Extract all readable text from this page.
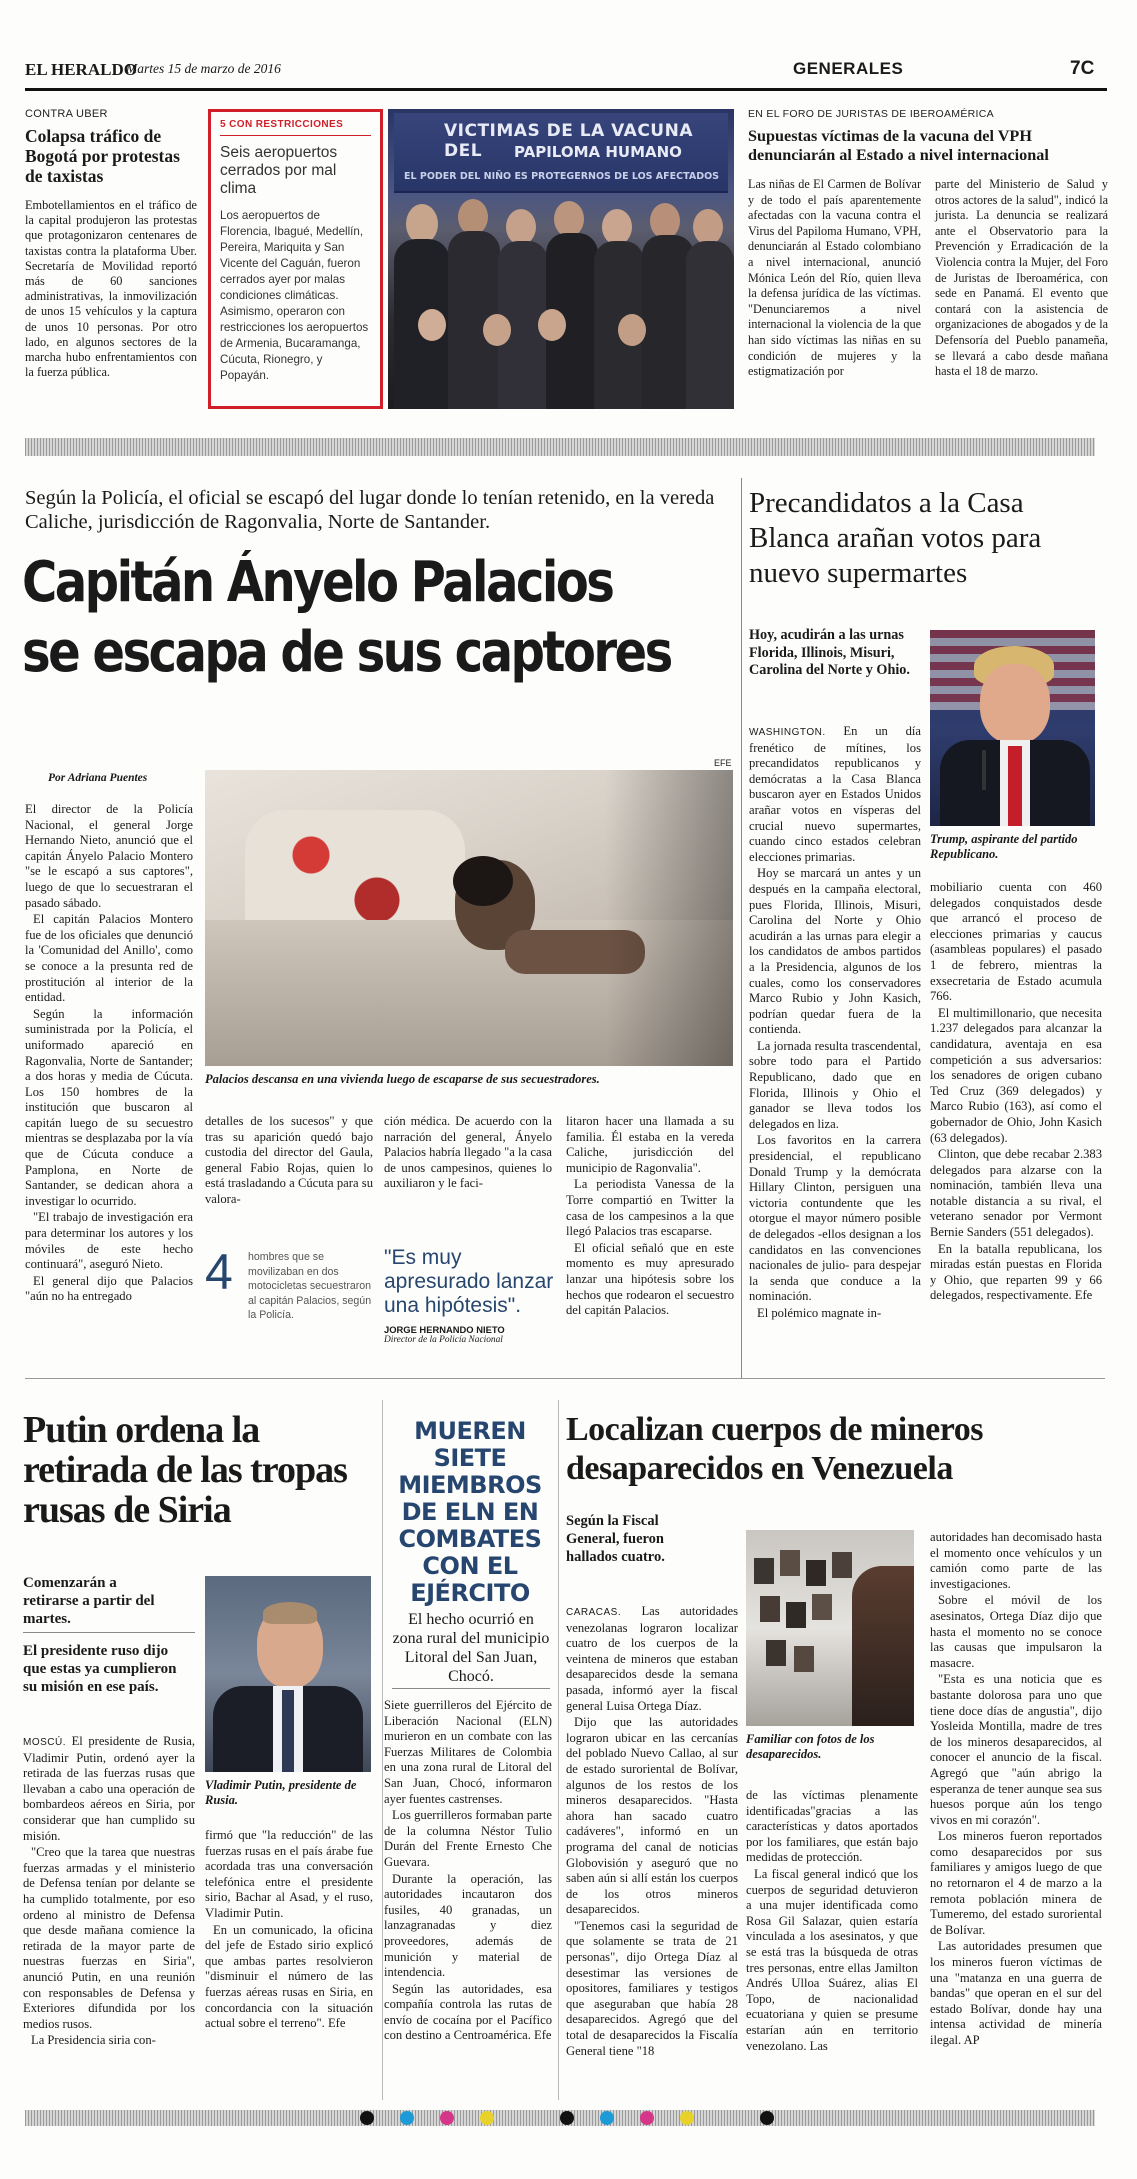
EL HERALDO
Martes 15 de marzo de 2016	GENERALES	7C
CONTRA UBER
Colapsa tráfico de Bogotá por protestas de taxistas

Embotellamientos en el tráfico de la capital produjeron las protestas que protagonizaron centenares de taxistas contra la plataforma Uber. Secretaría de Movilidad reportó más de 60 sanciones administrativas, la inmovilización de unos 15 vehículos y la captura de unos 10 personas. Por otro lado, en algunos sectores de la marcha hubo enfrentamientos con la fuerza pública.

5 CON RESTRICCIONES
Seis aeropuertos cerrados por mal clima
Los aeropuertos de Florencia, Ibagué, Medellín, Pereira, Mariquita y San Vicente del Caguán, fueron cerrados ayer por malas condiciones climáticas. Asimismo, operaron con restricciones los aeropuertos de Armenia, Bucaramanga, Cúcuta, Rionegro, y Popayán.
VICTIMAS DE LA VACUNA DEL	PAPILOMA HUMANO
EL PODER DEL NIÑO ES PROTEGERNOS DE LOS AFECTADOS
EN EL FORO DE JURISTAS DE IBEROAMÉRICA
Supuestas víctimas de la vacuna del VPH denunciarán al Estado a nivel internacional

Las niñas de El Carmen de Bolívar y de todo el país aparentemente afectadas con la vacuna contra el Virus del Papiloma Humano, VPH, denunciarán al Estado colombiano a nivel internacional, anunció Mónica León del Río, quien lleva la defensa jurídica de las víctimas. "Denunciaremos a nivel internacional la violencia de la que han sido víctimas las niñas en su condición de mujeres y la estigmatización por

parte del Ministerio de Salud y otros actores de la salud", indicó la jurista. La denuncia se realizará ante el Observatorio para la Prevención y Erradicación de la Violencia contra la Mujer, del Foro de Juristas de Iberoamérica, con sede en Panamá. El evento que contará con la asistencia de organizaciones de abogados y de la Defensoría del Pueblo panameña, se llevará a cabo desde mañana hasta el 18 de marzo.

Según la Policía, el oficial se escapó del lugar donde lo tenían retenido, en la vereda Caliche, jurisdicción de Ragonvalia, Norte de Santander.
Capitán Ányelo Palacios
se escapa de sus captores
Por Adriana Puentes
EFE
Palacios descansa en una vivienda luego de escaparse de sus secuestradores.

El director de la Policía Nacional, el general Jorge Hernando Nieto, anunció que el capitán Ányelo Palacio Montero "se le escapó a sus captores", luego de que lo secuestraran el pasado sábado.

El capitán Palacios Montero fue de los oficiales que denunció la 'Comunidad del Anillo', como se conoce a la presunta red de prostitución al interior de la entidad.

Según la información suministrada por la Policía, el uniformado apareció en Ragonvalia, Norte de Santander; a dos horas y media de Cúcuta. Los 150 hombres de la institución que buscaron al capitán luego de su secuestro mientras se desplazaba por la vía que de Cúcuta conduce a Pamplona, en Norte de Santander, se dedican ahora a investigar lo ocurrido.

"El trabajo de investigación era para determinar los autores y los móviles de este hecho continuará", aseguró Nieto.

El general dijo que Palacios "aún no ha entregado

detalles de los sucesos" y que tras su aparición quedó bajo custodia del director del Gaula, general Fabio Rojas, quien lo está trasladando a Cúcuta para su valora-

ción médica. De acuerdo con la narración del general, Ányelo Palacios habría llegado "a la casa de unos campesinos, quienes lo auxiliaron y le faci-

litaron hacer una llamada a su familia. Él estaba en la vereda Caliche, jurisdicción del municipio de Ragonvalia".

La periodista Vanessa de la Torre compartió en Twitter la casa de los campesinos a la que llegó Palacios tras escaparse.

El oficial señaló que en este momento es muy apresurado lanzar una hipótesis sobre los hechos que rodearon el secuestro del capitán Palacios.

4 hombres que se movilizaban en dos motocicletas secuestraron al capitán Palacios, según la Policía.
"Es muy apresurado lanzar una hipótesis".
JORGE HERNANDO NIETO
Director de la Policía Nacional
Precandidatos a la Casa Blanca arañan votos para nuevo supermartes
Hoy, acudirán a las urnas Florida, Illinois, Misuri, Carolina del Norte y Ohio.
Trump, aspirante del partido Republicano.

WASHINGTON. En un día frenético de mítines, los precandidatos republicanos y demócratas a la Casa Blanca buscaron ayer en Estados Unidos arañar votos en vísperas del crucial nuevo supermartes, cuando cinco estados celebran elecciones primarias.

Hoy se marcará un antes y un después en la campaña electoral, pues Florida, Illinois, Misuri, Carolina del Norte y Ohio acudirán a las urnas para elegir a los candidatos de ambos partidos a la Presidencia, algunos de los cuales, como los conservadores Marco Rubio y John Kasich, podrían quedar fuera de la contienda.

La jornada resulta trascendental, sobre todo para el Partido Republicano, dado que en Florida, Illinois y Ohio el ganador se lleva todos los delegados en liza.

Los favoritos en la carrera presidencial, el republicano Donald Trump y la demócrata Hillary Clinton, persiguen una victoria contundente que les otorgue el mayor número posible de delegados -ellos designan a los candidatos en las convenciones nacionales de julio- para despejar la senda que conduce a la nominación.

El polémico magnate in-

mobiliario cuenta con 460 delegados conquistados desde que arrancó el proceso de elecciones primarias y caucus (asambleas populares) el pasado 1 de febrero, mientras la exsecretaria de Estado acumula 766.

El multimillonario, que necesita 1.237 delegados para alcanzar la candidatura, aventaja en esa competición a sus adversarios: los senadores de origen cubano Ted Cruz (369 delegados) y Marco Rubio (163), así como el gobernador de Ohio, John Kasich (63 delegados).

Clinton, que debe recabar 2.383 delegados para alzarse con la nominación, también lleva una notable distancia a su rival, el veterano senador por Vermont Bernie Sanders (551 delegados).

En la batalla republicana, los miradas están puestas en Florida y Ohio, que reparten 99 y 66 delegados, respectivamente. Efe

Putin ordena la retirada de las tropas rusas de Siria
Comenzarán a retirarse a partir del martes.
El presidente ruso dijo que estas ya cumplieron su misión en ese país.
Vladimir Putin, presidente de Rusia.

MOSCÚ. El presidente de Rusia, Vladimir Putin, ordenó ayer la retirada de las fuerzas rusas que llevaban a cabo una operación de bombardeos aéreos en Siria, por considerar que han cumplido su misión.

"Creo que la tarea que nuestras fuerzas armadas y el ministerio de Defensa tenían por delante se ha cumplido totalmente, por eso ordeno al ministro de Defensa que desde mañana comience la retirada de la mayor parte de nuestras fuerzas en Siria", anunció Putin, en una reunión con responsables de Defensa y Exteriores difundida por los medios rusos.

La Presidencia siria con-

firmó que "la reducción" de las fuerzas rusas en el país árabe fue acordada tras una conversación telefónica entre el presidente sirio, Bachar al Asad, y el ruso, Vladimir Putin.

En un comunicado, la oficina del jefe de Estado sirio explicó que ambas partes resolvieron "disminuir el número de las fuerzas aéreas rusas en Siria, en concordancia con la situación actual sobre el terreno". Efe

MUEREN SIETE MIEMBROS DE ELN EN COMBATES CON EL EJÉRCITO
El hecho ocurrió en zona rural del municipio Litoral del San Juan, Chocó.

Siete guerrilleros del Ejército de Liberación Nacional (ELN) murieron en un combate con las Fuerzas Militares de Colombia en una zona rural de Litoral del San Juan, Chocó, informaron ayer fuentes castrenses.

Los guerrilleros formaban parte de la columna Néstor Tulio Durán del Frente Ernesto Che Guevara.

Durante la operación, las autoridades incautaron dos fusiles, 40 granadas, un lanzagranadas y diez proveedores, además de munición y material de intendencia.

Según las autoridades, esa compañía controla las rutas de envío de cocaína por el Pacífico con destino a Centroamérica. Efe

Localizan cuerpos de mineros desaparecidos en Venezuela
Según la Fiscal General, fueron hallados cuatro.
Familiar con fotos de los desaparecidos.

CARACAS. Las autoridades venezolanas lograron localizar cuatro de los cuerpos de la veintena de mineros que estaban desaparecidos desde la semana pasada, informó ayer la fiscal general Luisa Ortega Díaz.

Dijo que las autoridades lograron ubicar en las cercanías del poblado Nuevo Callao, al sur de estado suroriental de Bolívar, algunos de los restos de los mineros desaparecidos. "Hasta ahora han sacado cuatro cadáveres", informó en un programa del canal de noticias Globovisión y aseguró que no saben aún si allí están los cuerpos de los otros mineros desaparecidos.

"Tenemos casi la seguridad de que solamente se trata de 21 personas", dijo Ortega Díaz al desestimar las versiones de opositores, familiares y testigos que aseguraban que había 28 desaparecidos. Agregó que del total de desaparecidos la Fiscalía General tiene "18

de las víctimas plenamente identificadas"gracias a las características y datos aportados por los familiares, que están bajo medidas de protección.

La fiscal general indicó que los cuerpos de seguridad detuvieron a una mujer identificada como Rosa Gil Salazar, quien estaría vinculada a los asesinatos, y que se está tras la búsqueda de otras tres personas, entre ellas Jamilton Andrés Ulloa Suárez, alias El Topo, de nacionalidad ecuatoriana y quien se presume estarían aún en territorio venezolano. Las

autoridades han decomisado hasta el momento once vehículos y un camión como parte de las investigaciones.

Sobre el móvil de los asesinatos, Ortega Díaz dijo que hasta el momento no se conoce las causas que impulsaron la masacre.

"Esta es una noticia que es bastante dolorosa para uno que tiene doce días de angustia", dijo Yosleida Montilla, madre de tres de los mineros desaparecidos, al conocer el anuncio de la fiscal. Agregó que "aún abrigo la esperanza de tener aunque sea sus huesos porque aún los tengo vivos en mi corazón".

Los mineros fueron reportados como desaparecidos por sus familiares y amigos luego de que no retornaron el 4 de marzo a la remota población minera de Tumeremo, del estado suroriental de Bolívar.

Las autoridades presumen que los mineros fueron víctimas de una "matanza en una guerra de bandas" que operan en el sur del estado Bolívar, donde hay una intensa actividad de minería ilegal. AP
